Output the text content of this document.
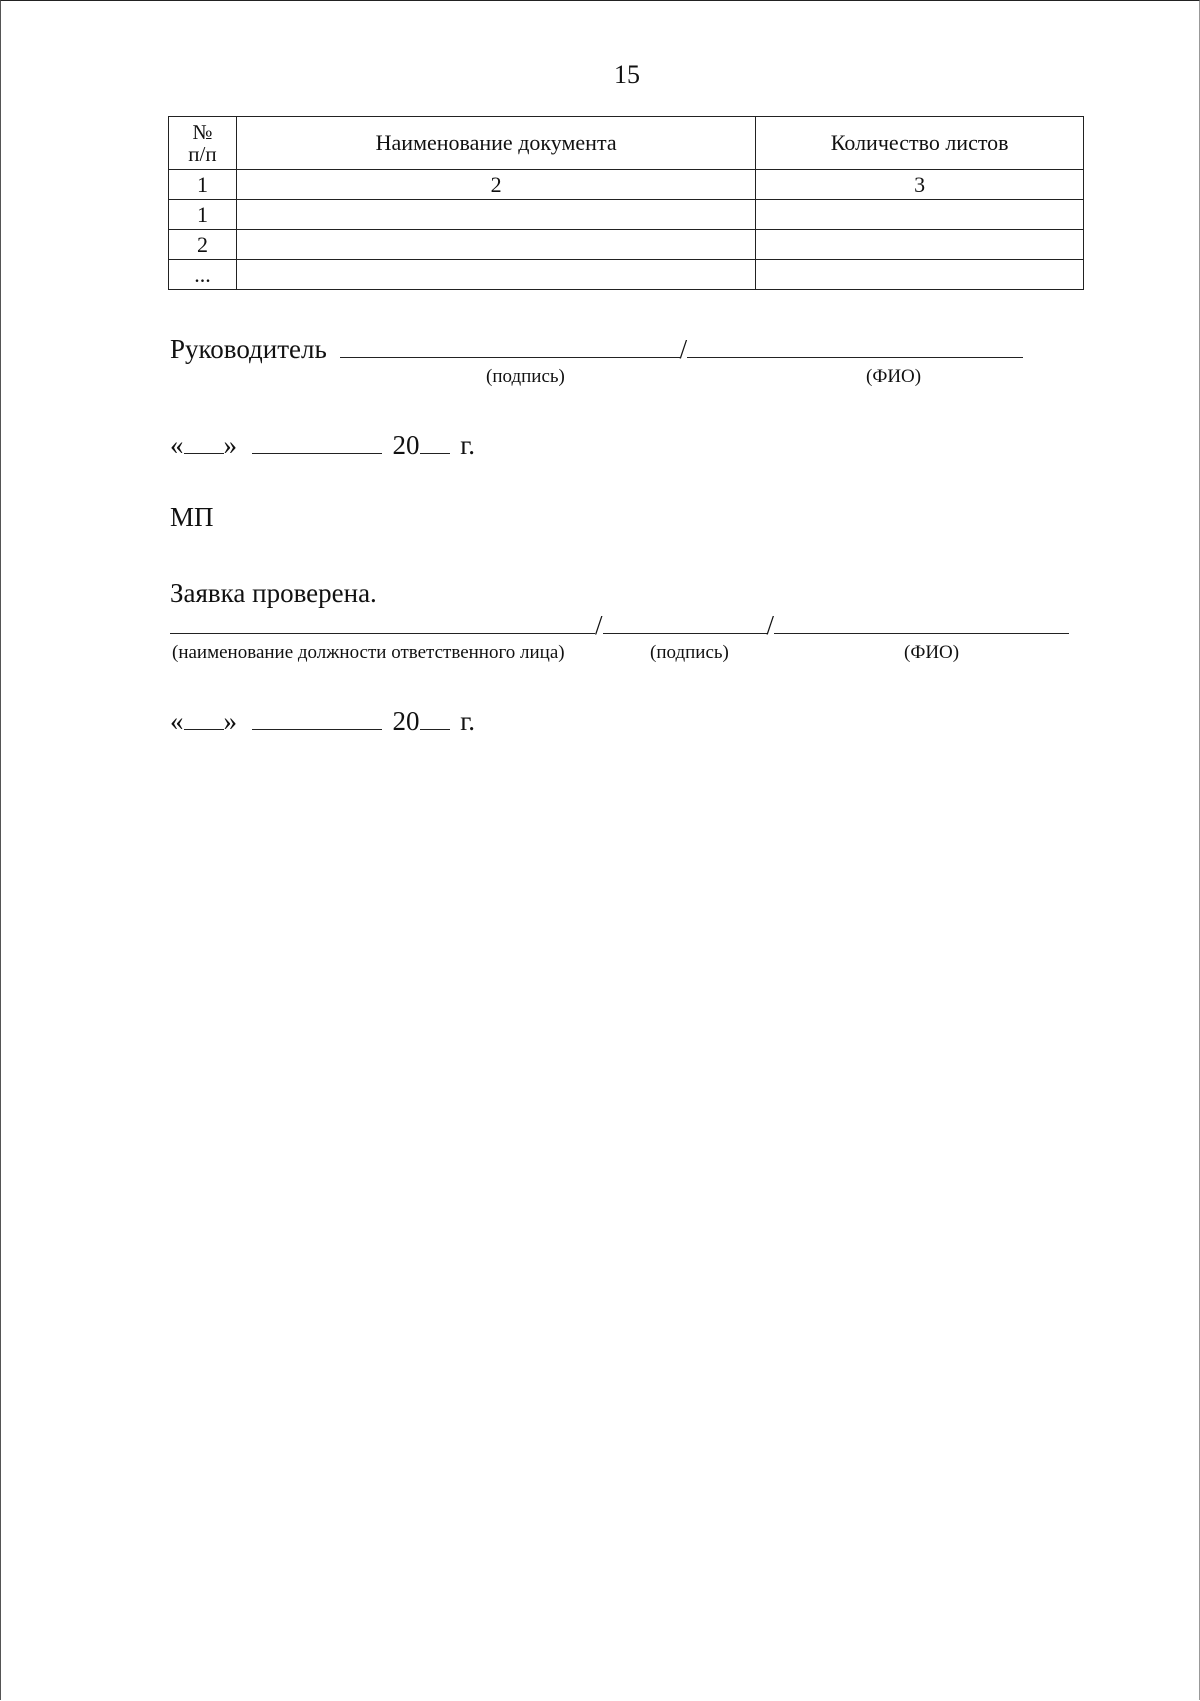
15
№
п/п	Наименование документа	Количество листов
1	2	3
1		
2		
...		
Руководитель	/
(подпись)	(ФИО)
« »	20 г.
МП
Заявка проверена.
/	/
(наименование должности ответственного лица)	(подпись)	(ФИО)
« »	20 г.
